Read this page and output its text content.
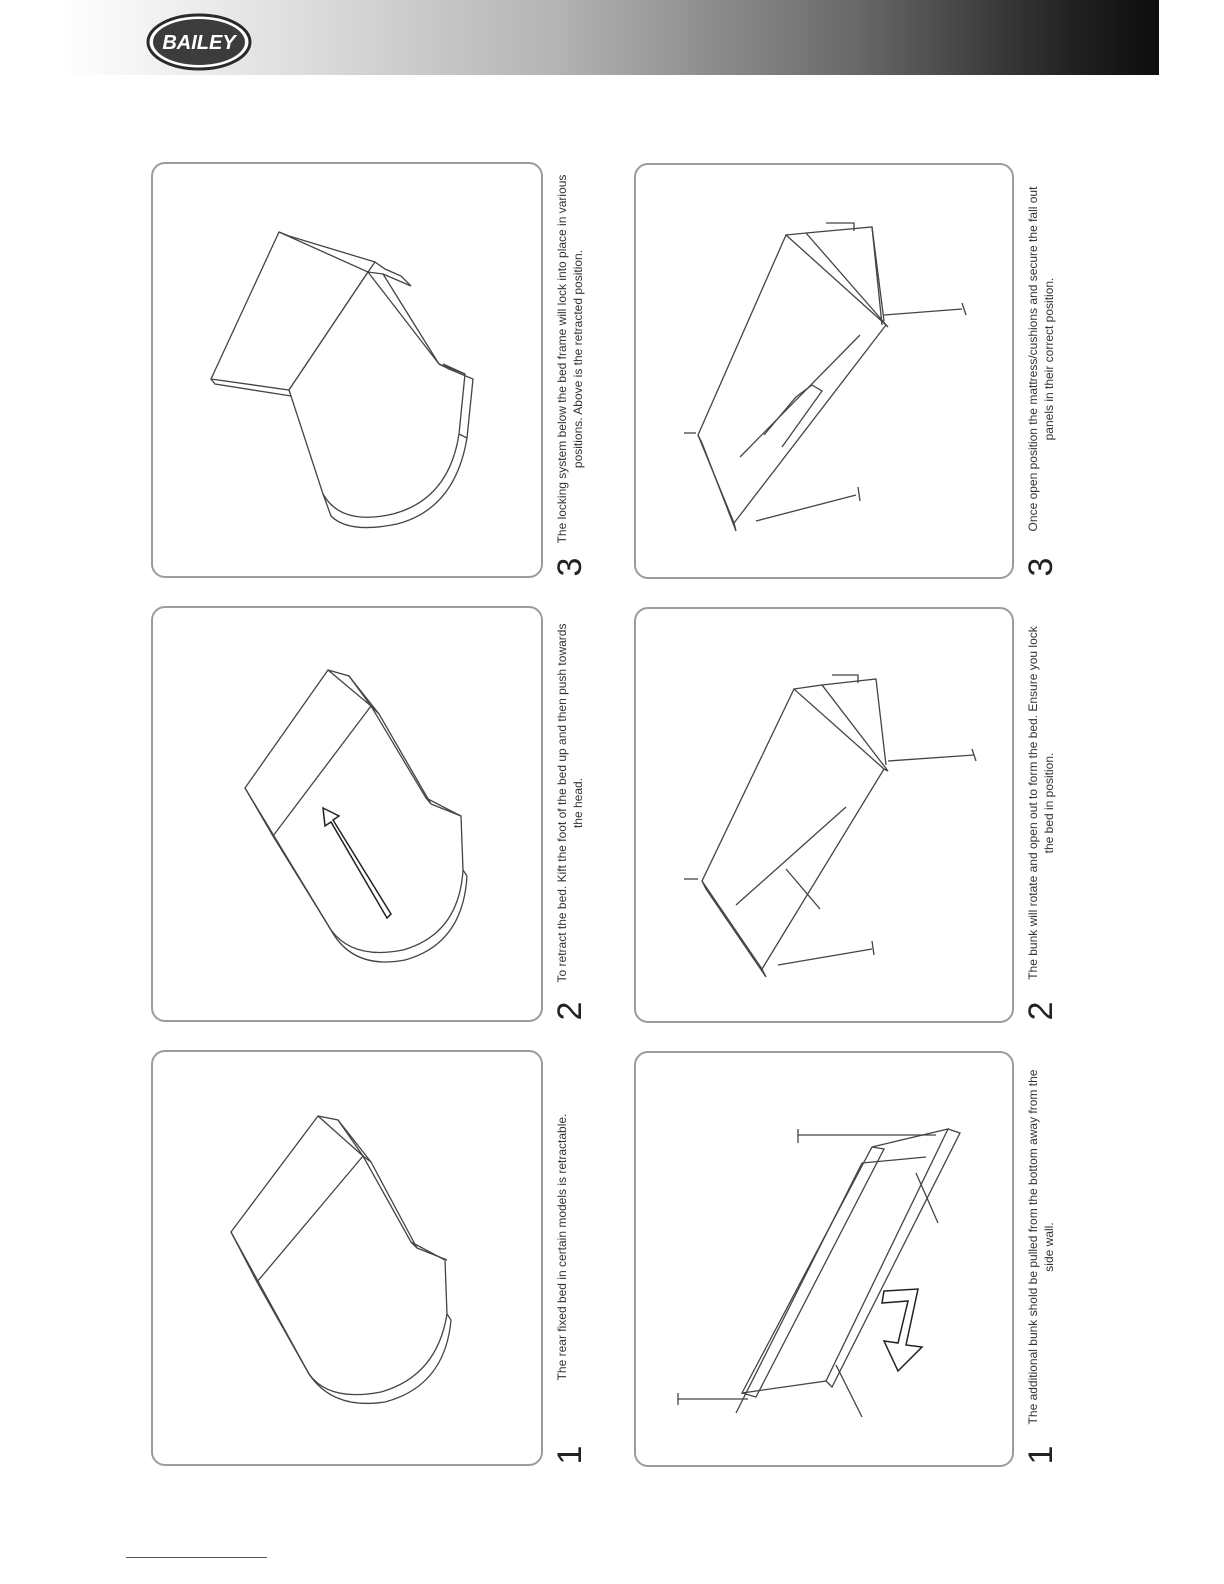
BAILEY
3
The locking system below the bed frame will lock into place in various positions. Above is the retracted position.
2
To retract the bed. Kift the foot of the bed up and then push towards the head.
1
The rear fixed bed in certain models is retractable.
3
Once open position the mattress/cushions and secure the fall out panels in their correct position.
2
The bunk will rotate and open out to form the bed. Ensure you lock the bed in position.
1
The additional bunk shold be pulled from the bottom away from the side wall.
